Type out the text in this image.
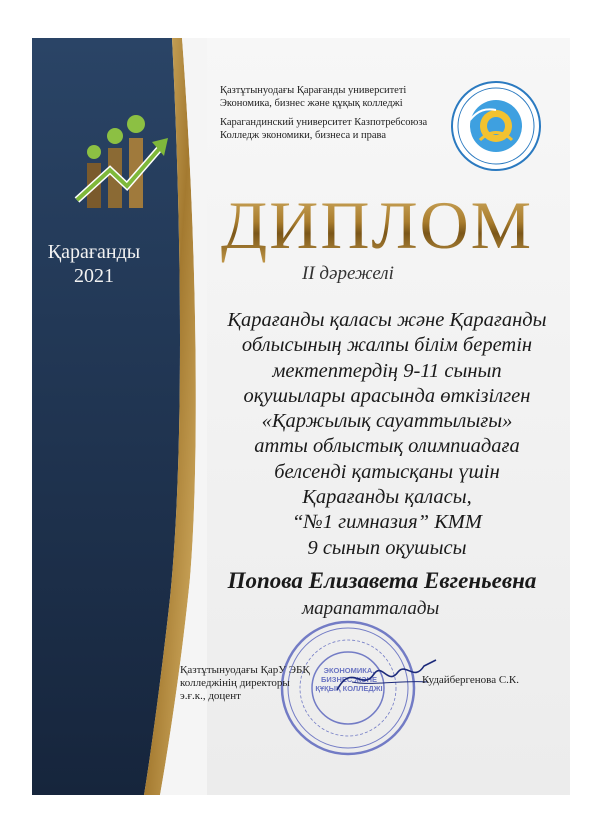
Қарағанды
2021
Қазтұтынуодағы Қарағанды университеті
Экономика, бизнес және құқық колледжі
Карагандинский университет Казпотребсоюза
Колледж экономики, бизнеса и права
ДИПЛОМ
ІІ дәрежелі
Қарағанды қаласы және Қарағанды
облысының жалпы білім беретін
мектептердің 9-11 сынып
оқушылары арасында өткізілген
«Қаржылық сауаттылығы»
атты облыстық олимпиадаға
белсенді қатысқаны үшін
Қарағанды қаласы,
“№1 гимназия” КММ
9 сынып оқушысы
Попова Елизавета Евгеньевна
марапатталады
ЭКОНОМИКА, БИЗНЕС ЖӘНЕ ҚҰҚЫҚ КОЛЛЕДЖІ
Қазтұтынуодағы ҚарУ ЭБҚ
колледжінің директоры
э.ғ.к., доцент
Кудайбергенова С.К.
